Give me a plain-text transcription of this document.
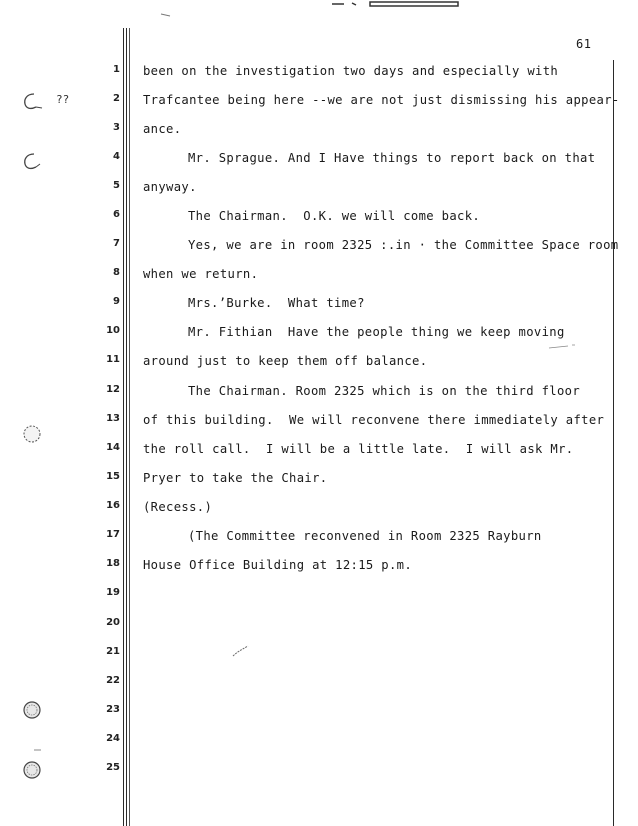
61
??
1
2
3
4
5
6
7
8
9
10
11
12
13
14
15
16
17
18
19
20
21
22
23
24
25
been on the investigation two days and especially with
Trafcantee being here --we are not just dismissing his appear-
ance.
Mr. Sprague. And I Have things to report back on that
anyway.
The Chairman.  O.K. we will come back.
Yes, we are in room 2325 :.in · the Committee Space room
when we return.
Mrs.’Burke.  What time?
Mr. Fithian  Have the people thing we keep moving
around just to keep them off balance.
The Chairman. Room 2325 which is on the third floor
of this building.  We will reconvene there immediately after
the roll call.  I will be a little late.  I will ask Mr.
Pryer to take the Chair.
(Recess.)
(The Committee reconvened in Room 2325 Rayburn
House Office Building at 12:15 p.m.
